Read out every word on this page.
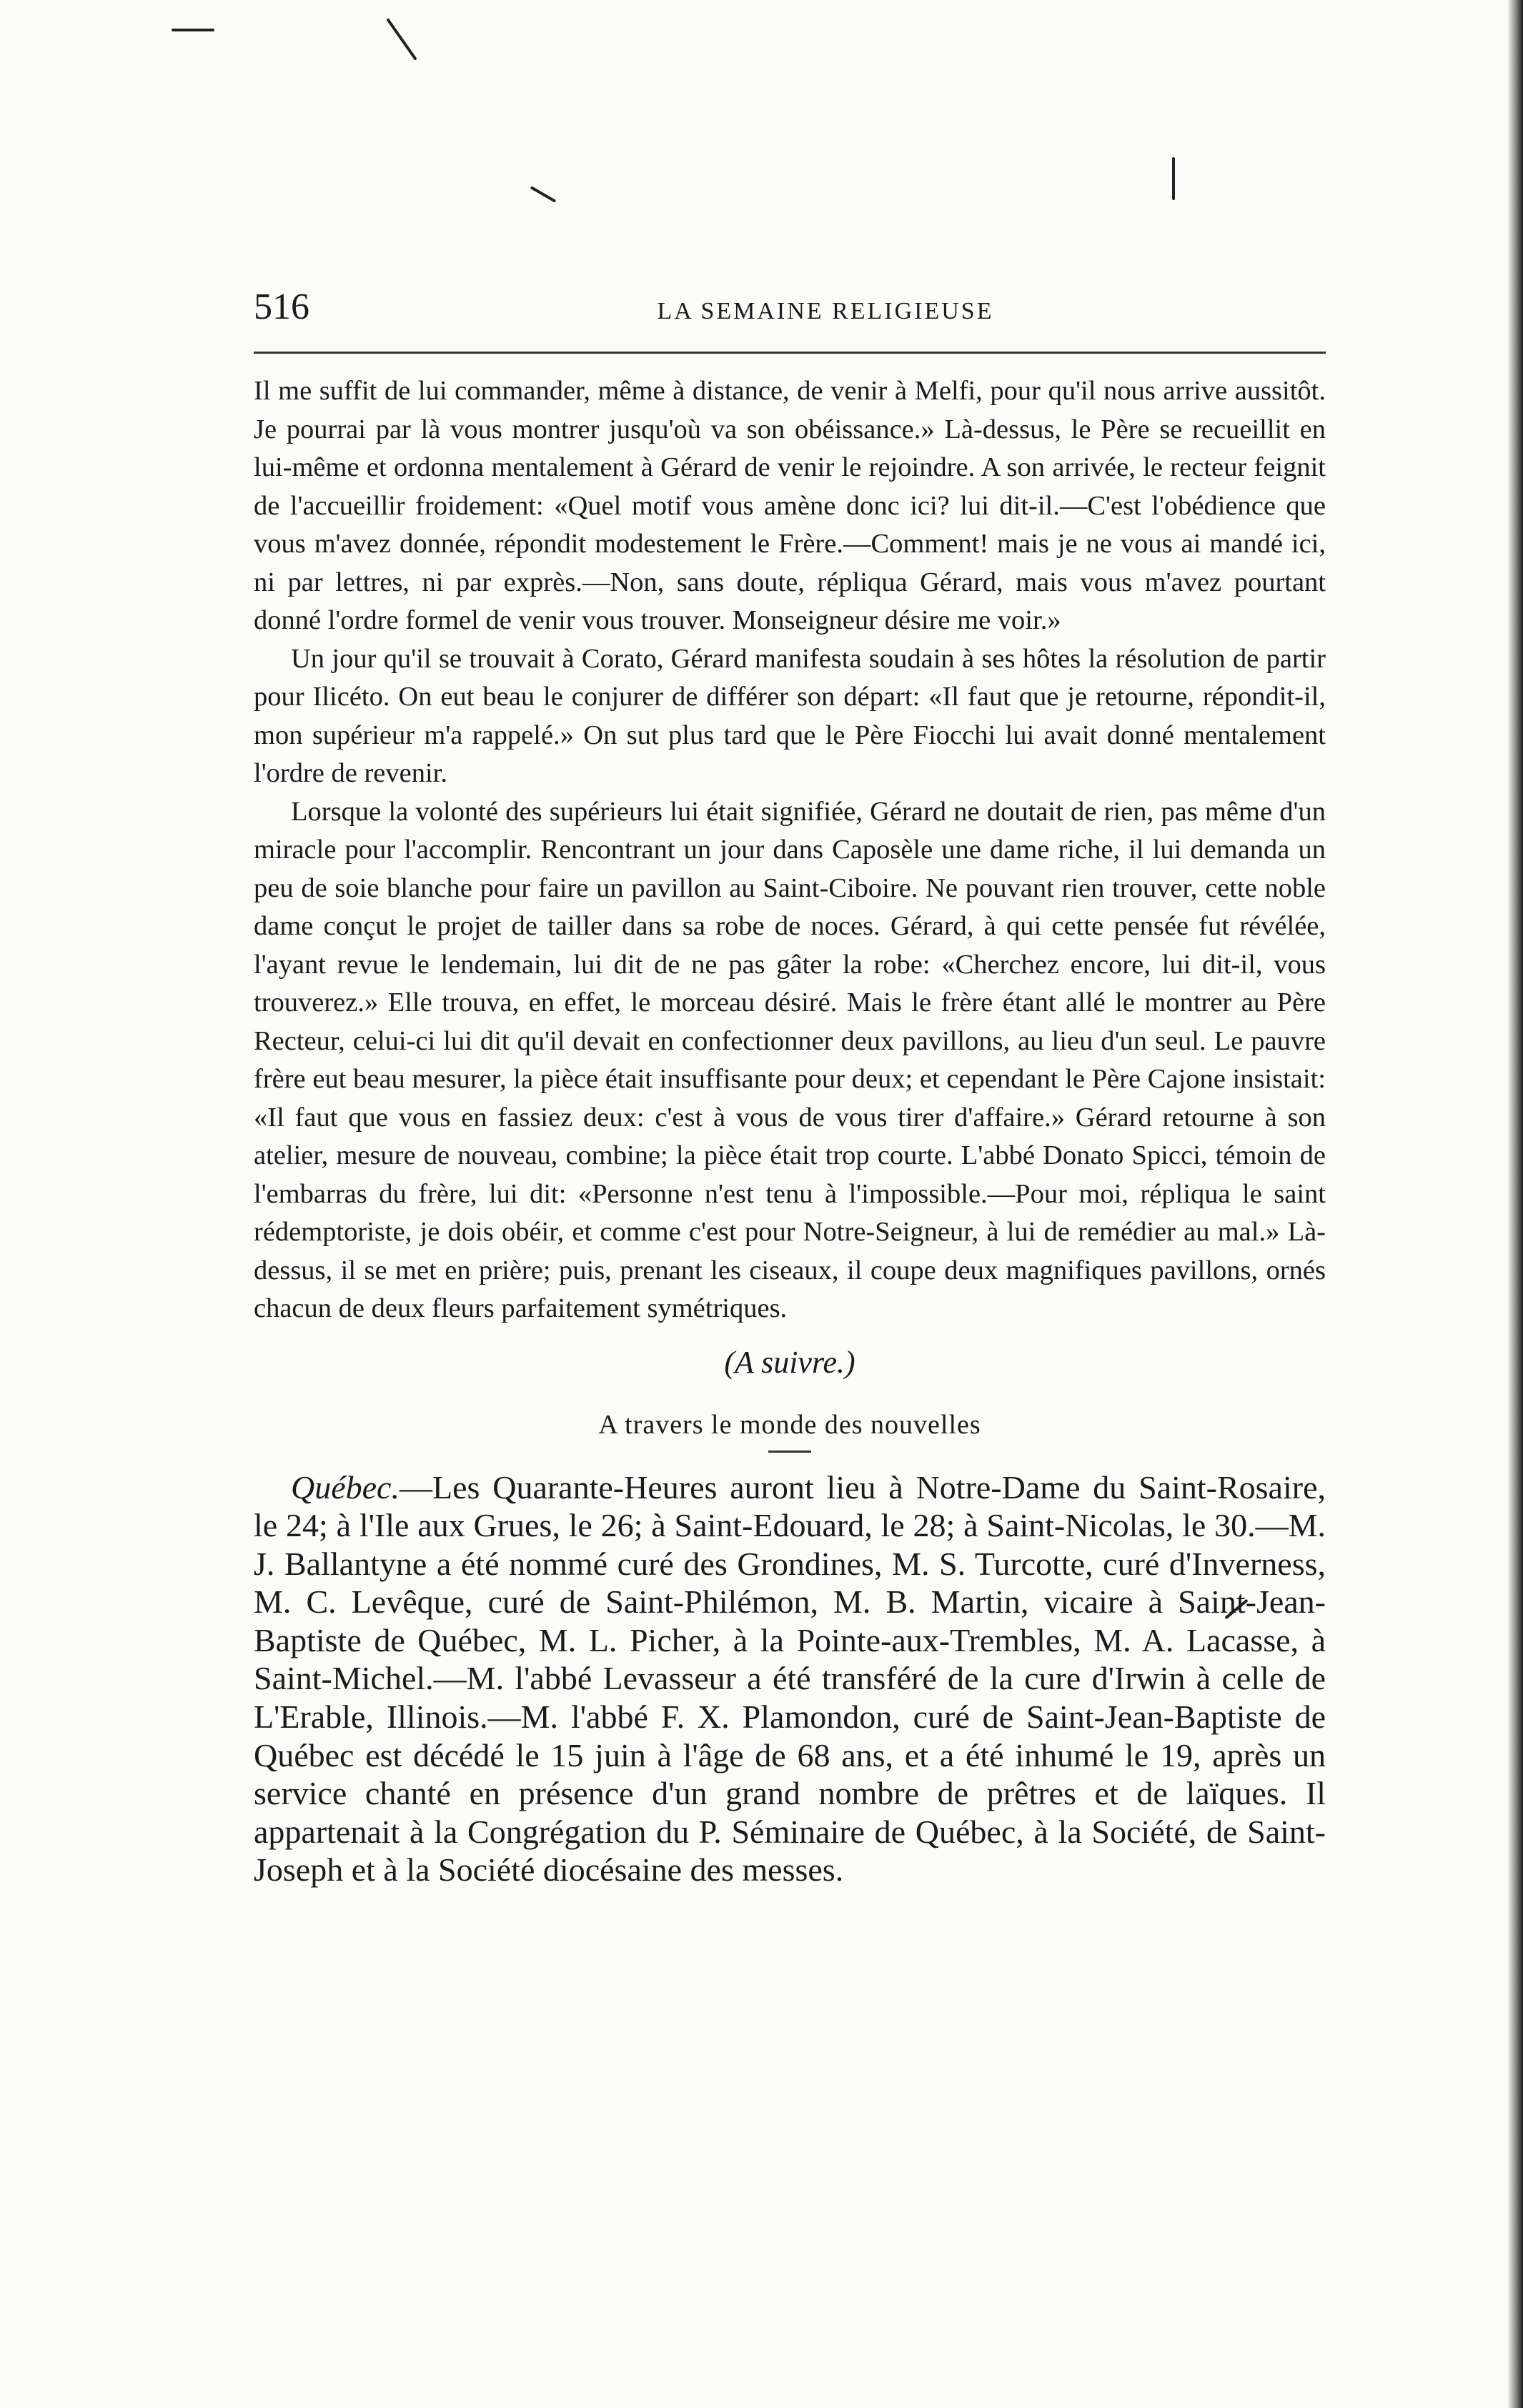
516	LA SEMAINE RELIGIEUSE

Il me suffit de lui commander, même à distance, de venir à Melfi, pour qu'il nous arrive aussitôt. Je pourrai par là vous montrer jusqu'où va son obéissance.» Là-dessus, le Père se recueillit en lui-même et ordonna mentalement à Gérard de venir le rejoindre. A son arrivée, le recteur feignit de l'accueillir froidement: «Quel motif vous amène donc ici? lui dit-il.—C'est l'obédience que vous m'avez donnée, répondit modestement le Frère.—Comment! mais je ne vous ai mandé ici, ni par lettres, ni par exprès.—Non, sans doute, répliqua Gérard, mais vous m'avez pourtant donné l'ordre formel de venir vous trouver. Monseigneur désire me voir.»

Un jour qu'il se trouvait à Corato, Gérard manifesta soudain à ses hôtes la résolution de partir pour Ilicéto. On eut beau le conjurer de différer son départ: «Il faut que je retourne, répondit-il, mon supérieur m'a rappelé.» On sut plus tard que le Père Fiocchi lui avait donné mentalement l'ordre de revenir.

Lorsque la volonté des supérieurs lui était signifiée, Gérard ne doutait de rien, pas même d'un miracle pour l'accomplir. Rencontrant un jour dans Caposèle une dame riche, il lui demanda un peu de soie blanche pour faire un pavillon au Saint-Ciboire. Ne pouvant rien trouver, cette noble dame conçut le projet de tailler dans sa robe de noces. Gérard, à qui cette pensée fut révélée, l'ayant revue le lendemain, lui dit de ne pas gâter la robe: «Cherchez encore, lui dit-il, vous trouverez.» Elle trouva, en effet, le morceau désiré. Mais le frère étant allé le montrer au Père Recteur, celui-ci lui dit qu'il devait en confectionner deux pavillons, au lieu d'un seul. Le pauvre frère eut beau mesurer, la pièce était insuffisante pour deux; et cependant le Père Cajone insistait: «Il faut que vous en fassiez deux: c'est à vous de vous tirer d'affaire.» Gérard retourne à son atelier, mesure de nouveau, combine; la pièce était trop courte. L'abbé Donato Spicci, témoin de l'embarras du frère, lui dit: «Personne n'est tenu à l'impossible.—Pour moi, répliqua le saint rédemptoriste, je dois obéir, et comme c'est pour Notre-Seigneur, à lui de remédier au mal.» Là-dessus, il se met en prière; puis, prenant les ciseaux, il coupe deux magnifiques pavillons, ornés chacun de deux fleurs parfaitement symétriques.

(A suivre.)
A travers le monde des nouvelles

Québec.—Les Quarante-Heures auront lieu à Notre-Dame du Saint-Rosaire, le 24; à l'Ile aux Grues, le 26; à Saint-Edouard, le 28; à Saint-Nicolas, le 30.—M. J. Ballantyne a été nommé curé des Grondines, M. S. Turcotte, curé d'Inverness, M. C. Levêque, curé de Saint-Philémon, M. B. Martin, vicaire à Saint-Jean-Baptiste de Québec, M. L. Picher, à la Pointe-aux-Trembles, M. A. Lacasse, à Saint-Michel.—M. l'abbé Levasseur a été transféré de la cure d'Irwin à celle de L'Erable, Illinois.—M. l'abbé F. X. Plamondon, curé de Saint-Jean-Baptiste de Québec est décédé le 15 juin à l'âge de 68 ans, et a été inhumé le 19, après un service chanté en présence d'un grand nombre de prêtres et de laïques. Il appartenait à la Congrégation du P. Séminaire de Québec, à la Société, de Saint-Joseph et à la Société diocésaine des messes.
